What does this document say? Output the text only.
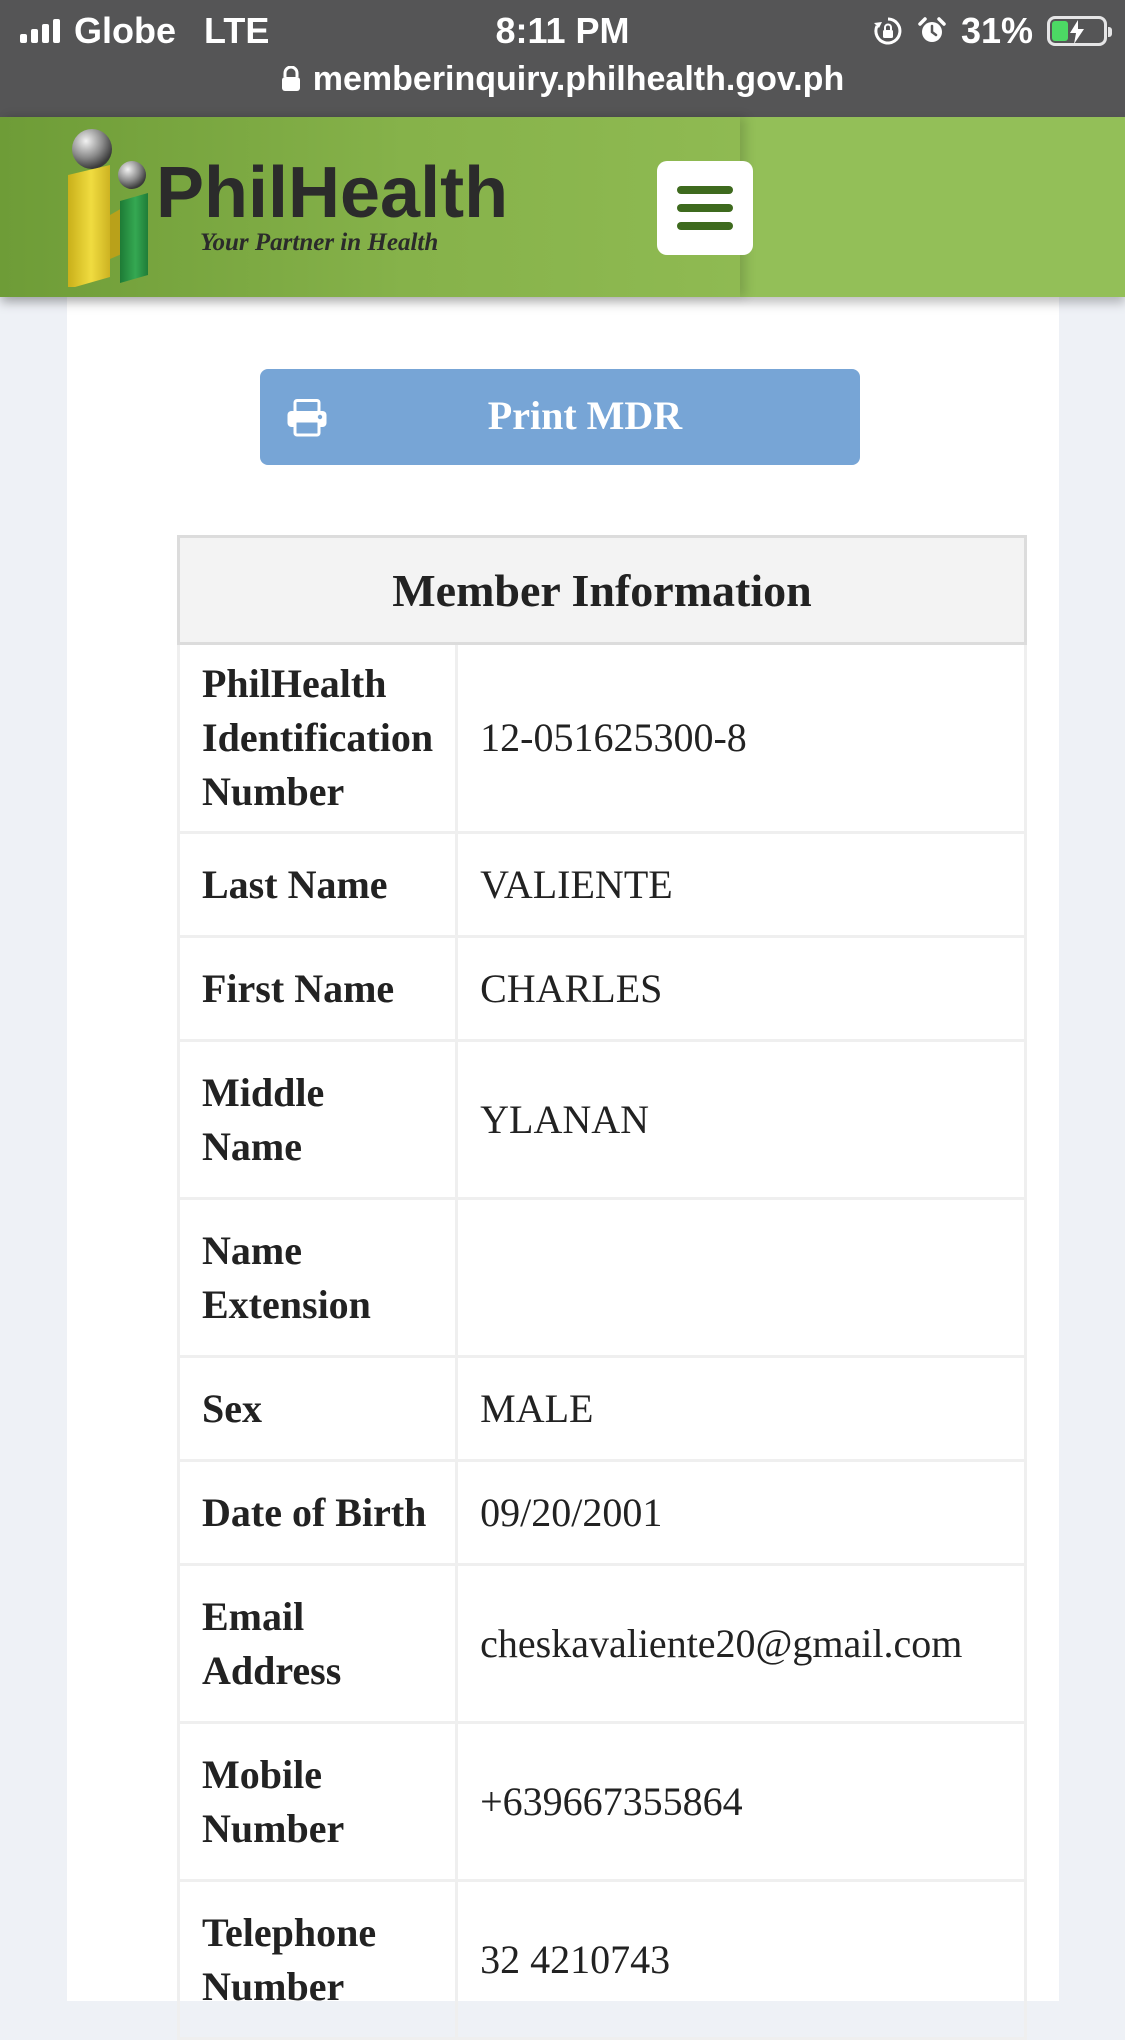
Globe LTE	8:11 PM	31%
memberinquiry.philhealth.gov.ph
PhilHealth
Your Partner in Health
Print MDR
Member Information	
PhilHealth Identification Number	12-051625300-8
Last Name	VALIENTE
First Name	CHARLES
Middle Name	YLANAN
Name Extension	
Sex	MALE
Date of Birth	09/20/2001
Email Address	cheskavaliente20@gmail.com
Mobile Number	+639667355864
Telephone Number	32 4210743
